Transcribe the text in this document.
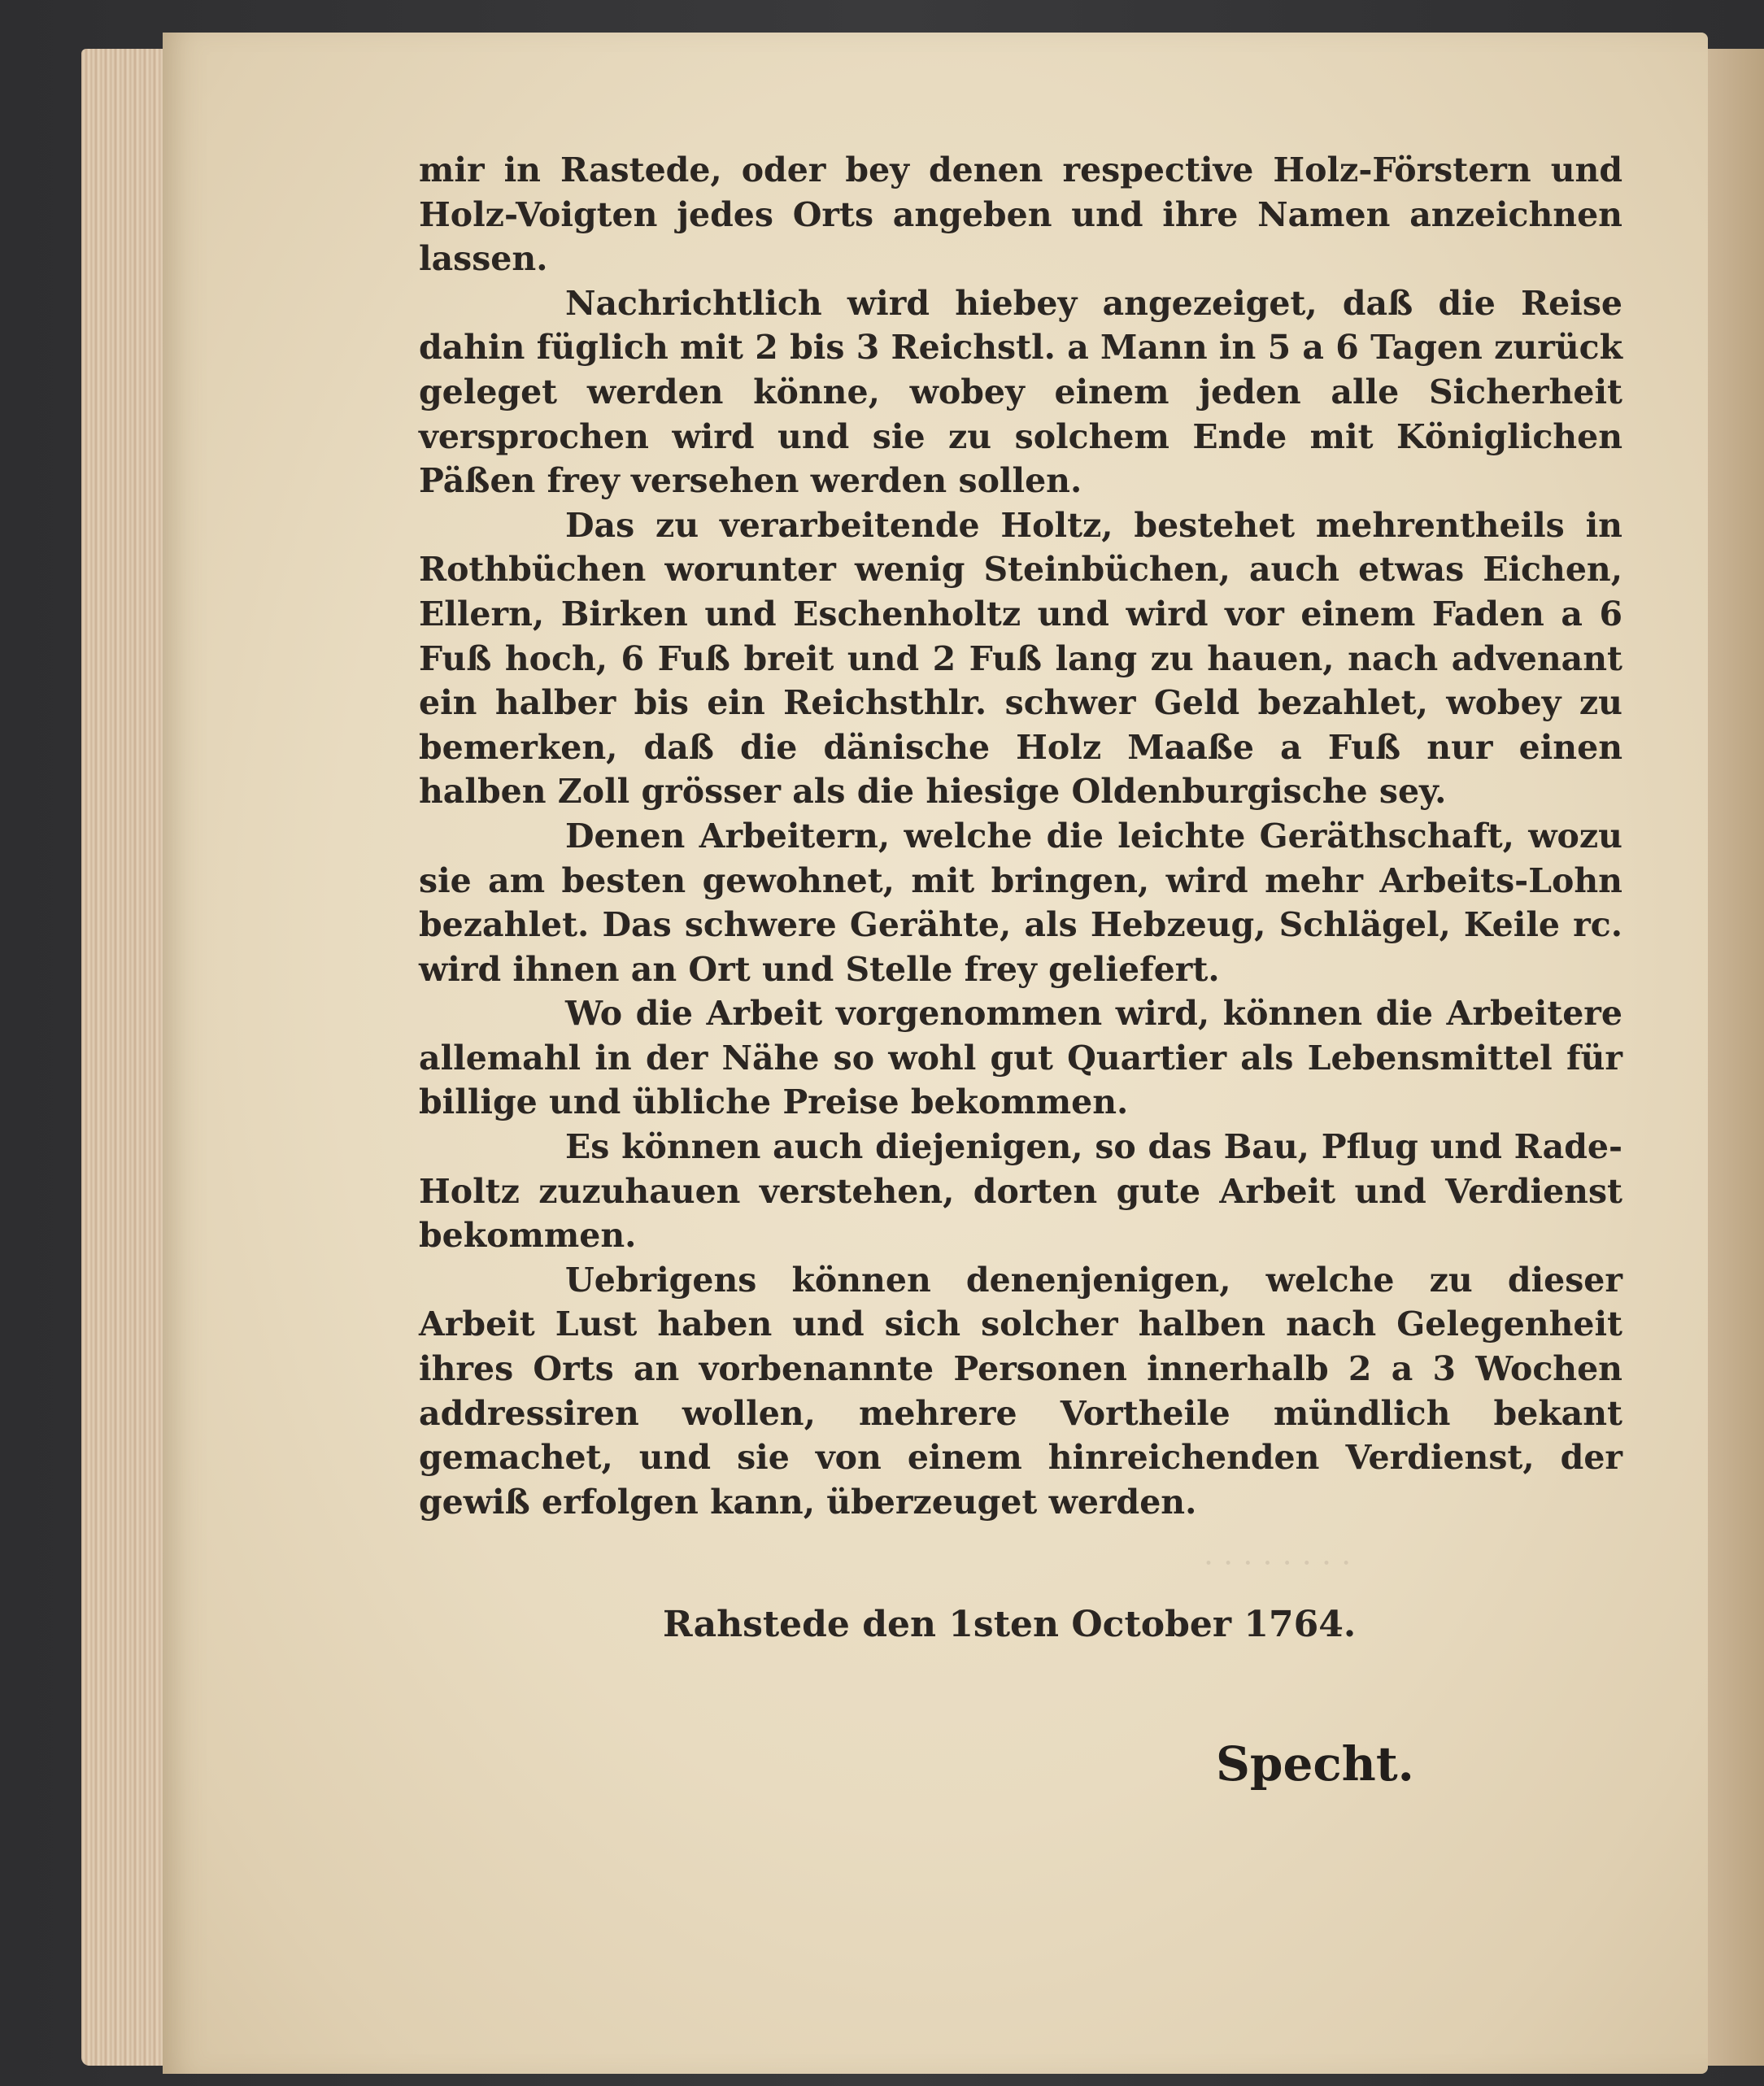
· · · · · · · ·

mir in Rastede, oder bey denen respective Holz-Förstern und Holz-Voigten jedes Orts angeben und ihre Namen anzeichnen lassen.

Nachrichtlich wird hiebey angezeiget, daß die Reise dahin füglich mit 2 bis 3 Reichstl. a Mann in 5 a 6 Tagen zurück geleget werden könne, wobey einem jeden alle Sicherheit versprochen wird und sie zu solchem Ende mit Königlichen Päßen frey versehen werden sollen.

Das zu verarbeitende Holtz, bestehet mehrentheils in Rothbüchen worunter wenig Steinbüchen, auch etwas Eichen, Ellern, Birken und Eschenholtz und wird vor einem Faden a 6 Fuß hoch, 6 Fuß breit und 2 Fuß lang zu hauen, nach advenant ein halber bis ein Reichsthlr. schwer Geld bezahlet, wobey zu bemerken, daß die dänische Holz Maaße a Fuß nur einen halben Zoll grösser als die hiesige Oldenburgische sey.

Denen Arbeitern, welche die leichte Geräthschaft, wozu sie am besten gewohnet, mit bringen, wird mehr Arbeits-Lohn bezahlet. Das schwere Gerähte, als Hebzeug, Schlägel, Keile rc. wird ihnen an Ort und Stelle frey geliefert.

Wo die Arbeit vorgenommen wird, können die Arbeitere allemahl in der Nähe so wohl gut Quartier als Lebensmittel für billige und übliche Preise bekommen.

Es können auch diejenigen, so das Bau, Pflug und Rade-Holtz zuzuhauen verstehen, dorten gute Arbeit und Verdienst bekommen.

Uebrigens können denenjenigen, welche zu dieser Arbeit Lust haben und sich solcher halben nach Gelegenheit ihres Orts an vorbenannte Personen innerhalb 2 a 3 Wochen addressiren wollen, mehrere Vortheile mündlich bekant gemachet, und sie von einem hinreichenden Verdienst, der gewiß erfolgen kann, überzeuget werden.

Rahstede den 1sten October 1764.
Specht.
